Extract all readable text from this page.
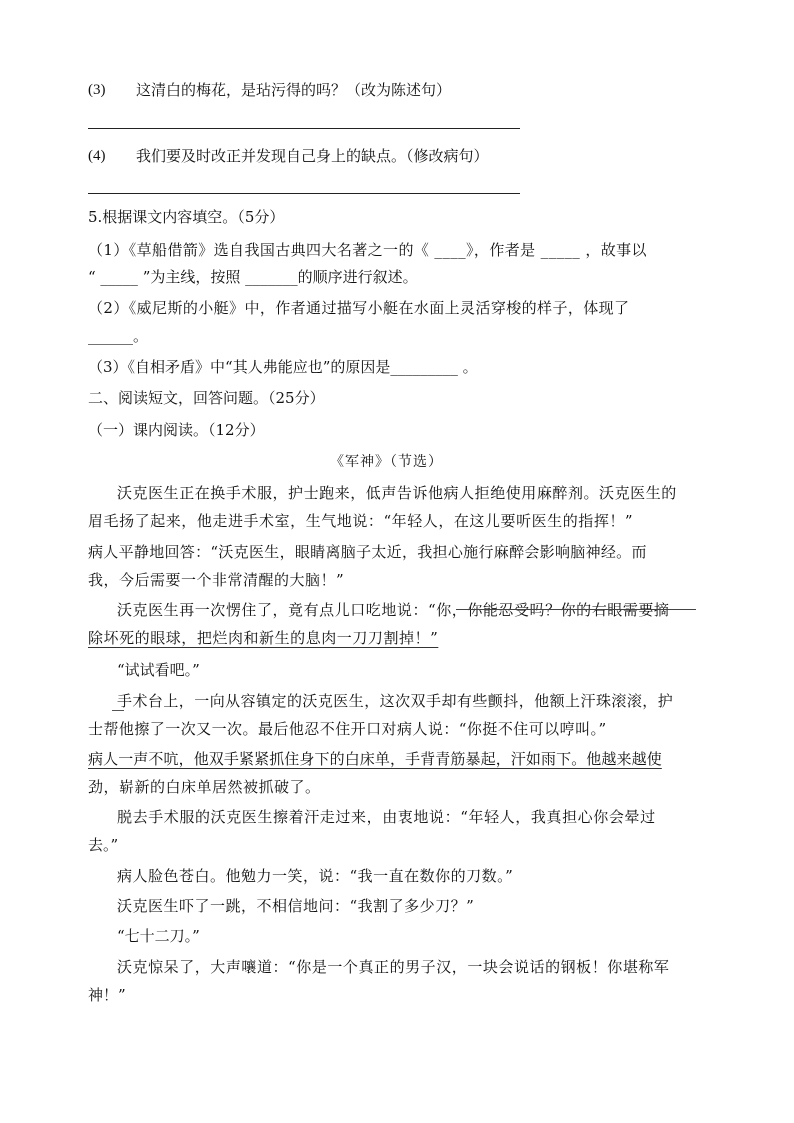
(3) 这清白的梅花，是玷污得的吗？（改为陈述句）
(4) 我们要及时改正并发现自己身上的缺点。（修改病句）
5.根据课文内容填空。（5分）
（1）《草船借箭》选自我国古典四大名著之一的《 ____》，作者是 _____ ，故事以
“ _____ ”为主线，按照 _______的顺序进行叙述。
（2）《威尼斯的小艇》中，作者通过描写小艇在水面上灵活穿梭的样子，体现了
______。
（3）《自相矛盾》中“其人弗能应也”的原因是_________ 。
二、阅读短文，回答问题。（25分）
（一）课内阅读。（12分）
《军神》（节选）
沃克医生正在换手术服，护士跑来，低声告诉他病人拒绝使用麻醉剂。沃克医生的
眉毛扬了起来，他走进手术室，生气地说：“年轻人，在这儿要听医生的指挥！”
病人平静地回答：“沃克医生，眼睛离脑子太近，我担心施行麻醉会影响脑神经。而
我，今后需要一个非常清醒的大脑！”
沃克医生再一次愣住了，竟有点儿口吃地说：“你，你能忍受吗？你的右眼需要摘
除坏死的眼球，把烂肉和新生的息肉一刀刀割掉！”
“试试看吧。”
手术台上，一向从容镇定的沃克医生，这次双手却有些颤抖，他额上汗珠滚滚，护
士帮他擦了一次又一次。最后他忍不住开口对病人说：“你挺不住可以哼叫。”
病人一声不吭，他双手紧紧抓住身下的白床单，手背青筋暴起，汗如雨下。他越来越使
劲，崭新的白床单居然被抓破了。
脱去手术服的沃克医生擦着汗走过来，由衷地说：“年轻人，我真担心你会晕过
去。”
病人脸色苍白。他勉力一笑，说：“我一直在数你的刀数。”
沃克医生吓了一跳，不相信地问：“我割了多少刀？”
“七十二刀。”
沃克惊呆了，大声嚷道：“你是一个真正的男子汉，一块会说话的钢板！你堪称军
神！”
